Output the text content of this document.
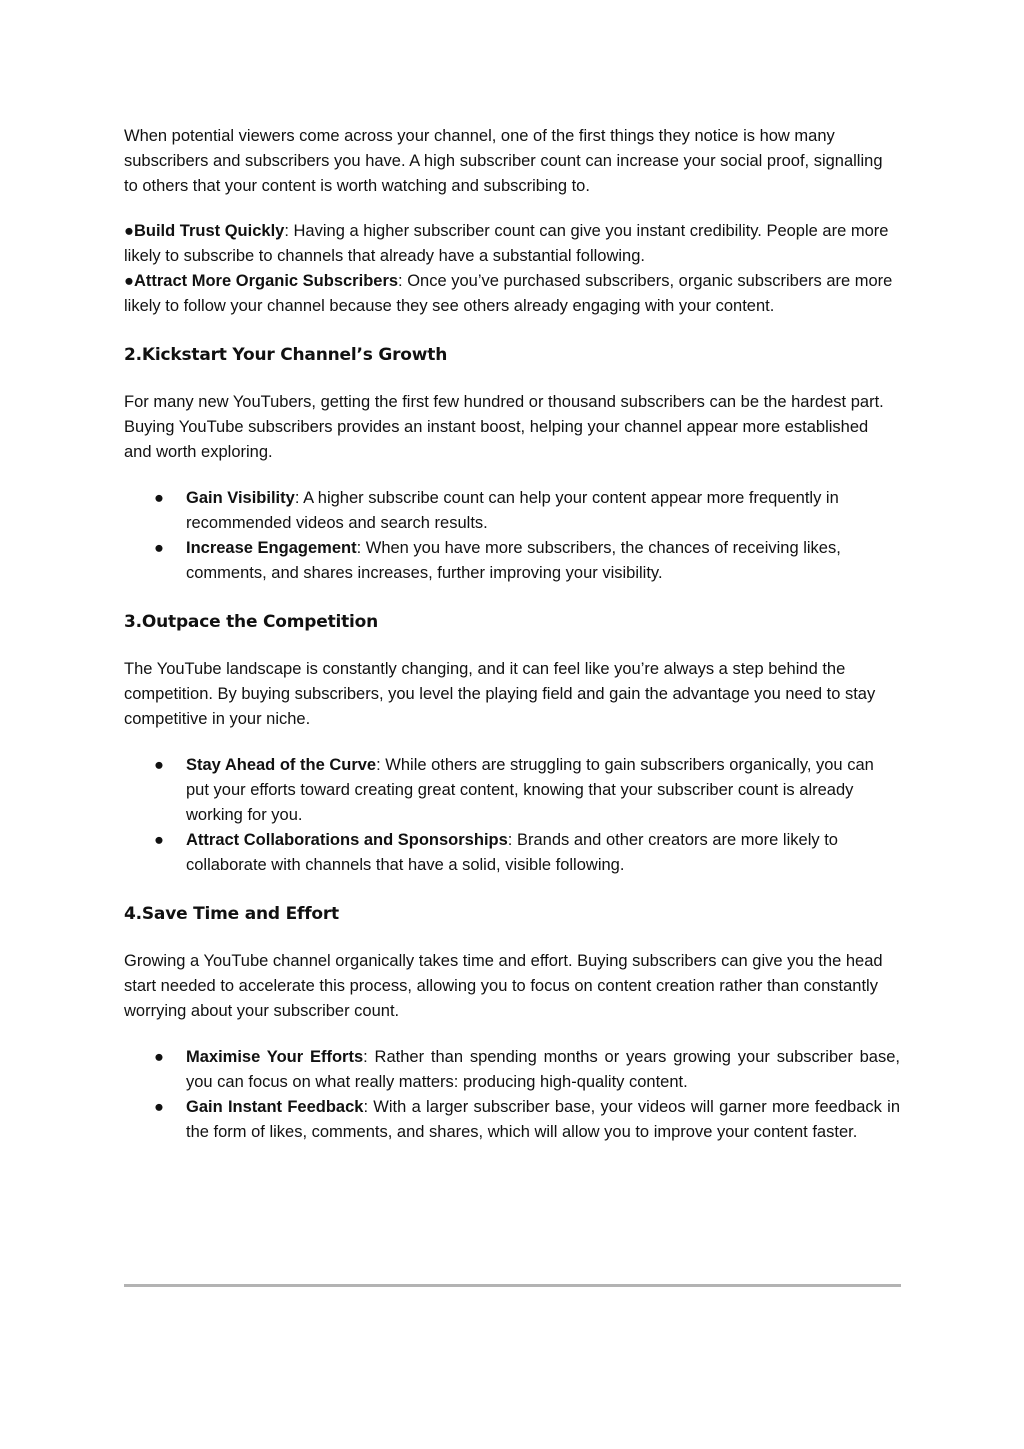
When potential viewers come across your channel, one of the first things they notice is how many subscribers and subscribers you have. A high subscriber count can increase your social proof, signalling to others that your content is worth watching and subscribing to.

●Build Trust Quickly: Having a higher subscriber count can give you instant credibility. People are more likely to subscribe to channels that already have a substantial following.

●Attract More Organic Subscribers: Once you’ve purchased subscribers, organic subscribers are more likely to follow your channel because they see others already engaging with your content.

2.Kickstart Your Channel’s Growth

For many new YouTubers, getting the first few hundred or thousand subscribers can be the hardest part. Buying YouTube subscribers provides an instant boost, helping your channel appear more established and worth exploring.

● Gain Visibility: A higher subscribe count can help your content appear more frequently in recommended videos and search results.
● Increase Engagement: When you have more subscribers, the chances of receiving likes, comments, and shares increases, further improving your visibility.
3.Outpace the Competition

The YouTube landscape is constantly changing, and it can feel like you’re always a step behind the competition. By buying subscribers, you level the playing field and gain the advantage you need to stay competitive in your niche.

● Stay Ahead of the Curve: While others are struggling to gain subscribers organically, you can put your efforts toward creating great content, knowing that your subscriber count is already working for you.
● Attract Collaborations and Sponsorships: Brands and other creators are more likely to collaborate with channels that have a solid, visible following.
4.Save Time and Effort

Growing a YouTube channel organically takes time and effort. Buying subscribers can give you the head start needed to accelerate this process, allowing you to focus on content creation rather than constantly worrying about your subscriber count.

● Maximise Your Efforts: Rather than spending months or years growing your subscriber base, you can focus on what really matters: producing high-quality content.
● Gain Instant Feedback: With a larger subscriber base, your videos will garner more feedback in the form of likes, comments, and shares, which will allow you to improve your content faster.
